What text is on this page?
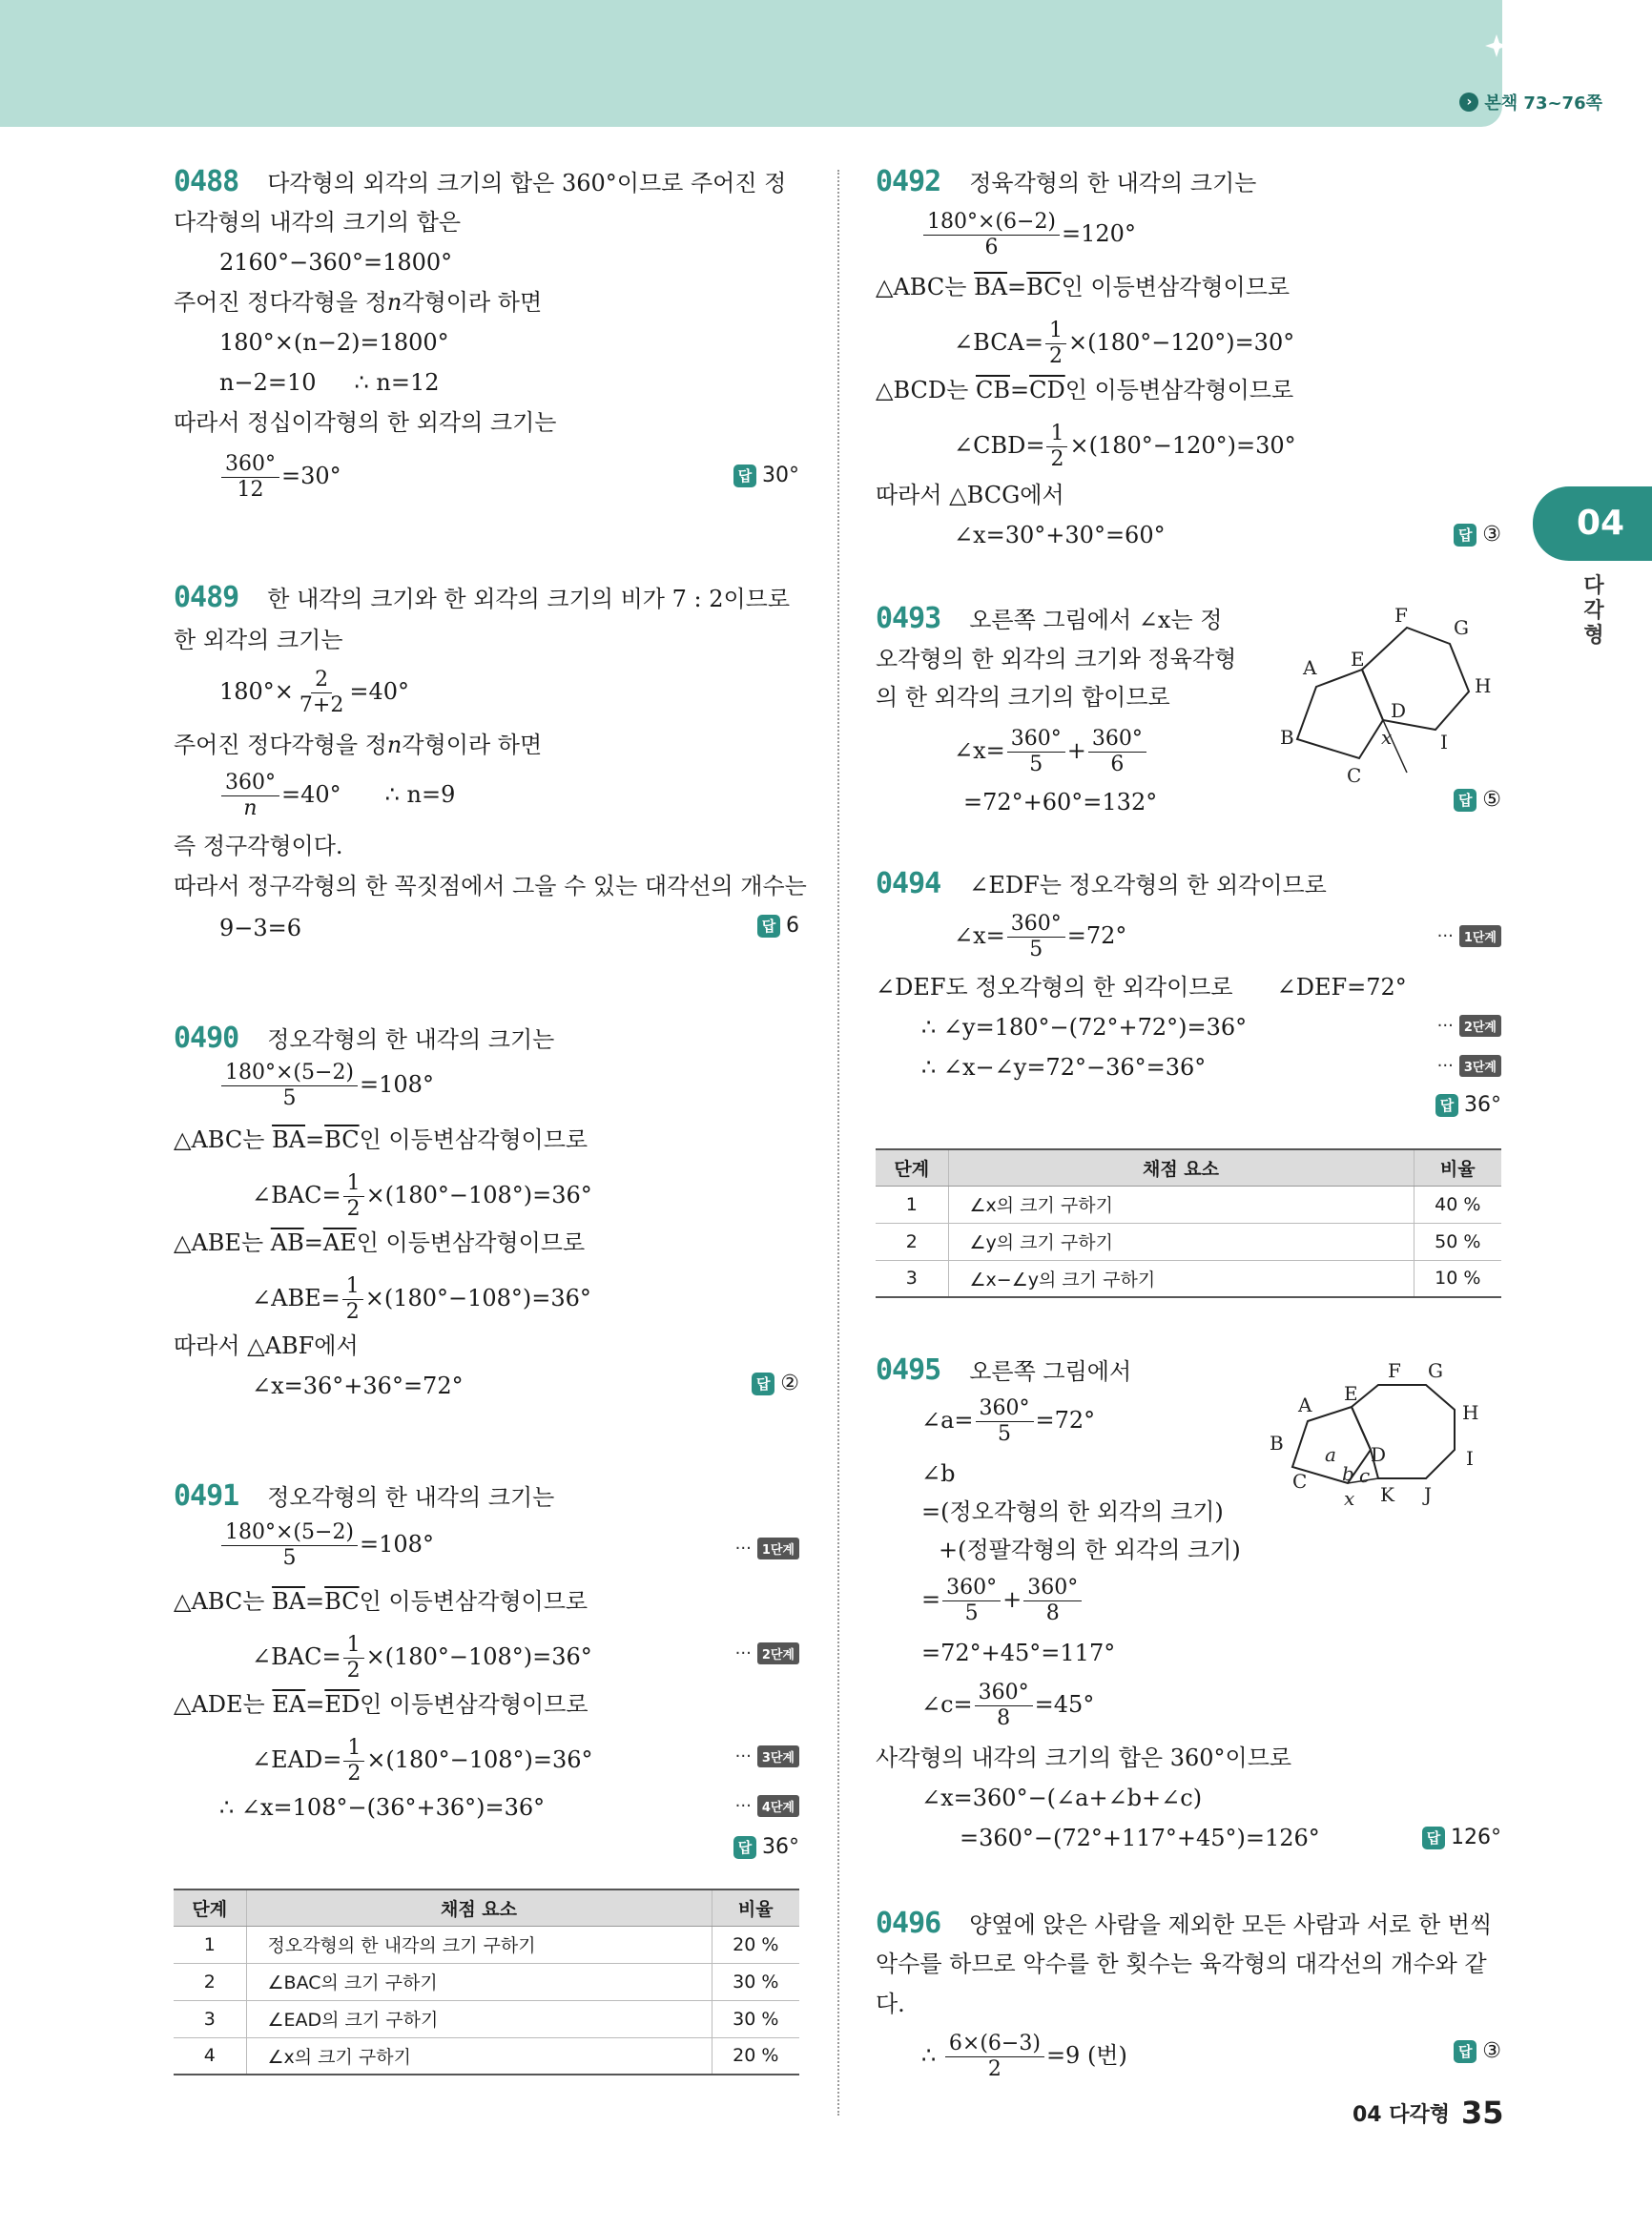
› 본책 73~76쪽
04
다각형
0488 다각형의 외각의 크기의 합은 360°이므로 주어진 정
다각형의 내각의 크기의 합은
2160°−360°=1800°
주어진 정다각형을 정n각형이라 하면
180°×(n−2)=1800°
n−2=10 ∴ n=12
따라서 정십이각형의 한 외각의 크기는
$\frac{360^\circ}{12} =30^\circ$	답 30°
0489 한 내각의 크기와 한 외각의 크기의 비가 7 : 2이므로
한 외각의 크기는
$180^\circ\times \frac{2}{7+2} =40^\circ$
주어진 정다각형을 정n각형이라 하면
$\frac{360^\circ}{n} =40^\circ$ ∴ n=9
즉 정구각형이다.
따라서 정구각형의 한 꼭짓점에서 그을 수 있는 대각선의 개수는
9−3=6	답 6
0490 정오각형의 한 내각의 크기는
$\frac{180^\circ\times(5-2)}{5} =108^\circ$
△ABC는 $\overline{BA}=\overline{BC}$인 이등변삼각형이므로
∠BAC= $\frac{1}{2} \times(180^\circ-108^\circ)=36^\circ$
△ABE는 $\overline{AB}=\overline{AE}$인 이등변삼각형이므로
∠ABE= $\frac{1}{2} \times(180^\circ-108^\circ)=36^\circ$
따라서 △ABF에서
∠x=36°+36°=72°	답 ②
0491 정오각형의 한 내각의 크기는
$\frac{180^\circ\times(5-2)}{5} =108^\circ$	··· 1단계
△ABC는 $\overline{BA}=\overline{BC}$인 이등변삼각형이므로
∠BAC= $\frac{1}{2} \times(180^\circ-108^\circ)=36^\circ$	··· 2단계
△ADE는 $\overline{EA}=\overline{ED}$인 이등변삼각형이므로
∠EAD= $\frac{1}{2} \times(180^\circ-108^\circ)=36^\circ$	··· 3단계
∴ ∠x=108°−(36°+36°)=36°	··· 4단계
답 36°
단계	채점 요소	비율
1	정오각형의 한 내각의 크기 구하기	20 %
2	∠BAC의 크기 구하기	30 %
3	∠EAD의 크기 구하기	30 %
4	∠x의 크기 구하기	20 %
0492 정육각형의 한 내각의 크기는
$\frac{180^\circ\times(6-2)}{6} =120^\circ$
△ABC는 $\overline{BA}=\overline{BC}$인 이등변삼각형이므로
∠BCA= $\frac{1}{2} \times(180^\circ-120^\circ)=30^\circ$
△BCD는 $\overline{CB}=\overline{CD}$인 이등변삼각형이므로
∠CBD= $\frac{1}{2} \times(180^\circ-120^\circ)=30^\circ$
따라서 △BCG에서
∠x=30°+30°=60°	답 ③
0493 오른쪽 그림에서 ∠x는 정
오각형의 한 외각의 크기와 정육각형
의 한 외각의 크기의 합이므로
∠x= $\frac{360^\circ}{5} + \frac{360^\circ}{6}$
=72°+60°=132°	답 ⑤
0494 ∠EDF는 정오각형의 한 외각이므로
∠x= $\frac{360^\circ}{5} =72^\circ$	··· 1단계
∠DEF도 정오각형의 한 외각이므로 ∠DEF=72°
∴ ∠y=180°−(72°+72°)=36°	··· 2단계
∴ ∠x−∠y=72°−36°=36°	··· 3단계
답 36°
단계	채점 요소	비율
1	∠x의 크기 구하기	40 %
2	∠y의 크기 구하기	50 %
3	∠x−∠y의 크기 구하기	10 %
0495 오른쪽 그림에서
∠a= $\frac{360^\circ}{5} =72^\circ$
∠b
=(정오각형의 한 외각의 크기)
+(정팔각형의 한 외각의 크기)
= $\frac{360^\circ}{5} + \frac{360^\circ}{8}$
=72°+45°=117°
∠c= $\frac{360^\circ}{8} =45^\circ$
사각형의 내각의 크기의 합은 360°이므로
∠x=360°−(∠a+∠b+∠c)
=360°−(72°+117°+45°)=126°	답 126°
0496 양옆에 앉은 사람을 제외한 모든 사람과 서로 한 번씩
악수를 하므로 악수를 한 횟수는 육각형의 대각선의 개수와 같
다.
∴ $\frac{6\times(6-3)}{2} =9$ (번)	답 ③
A
B
C
D
E
F
G
H
I
x
A
B
C
D
E
F G
H
I
J
K
a
b c
x
04 다각형 35
